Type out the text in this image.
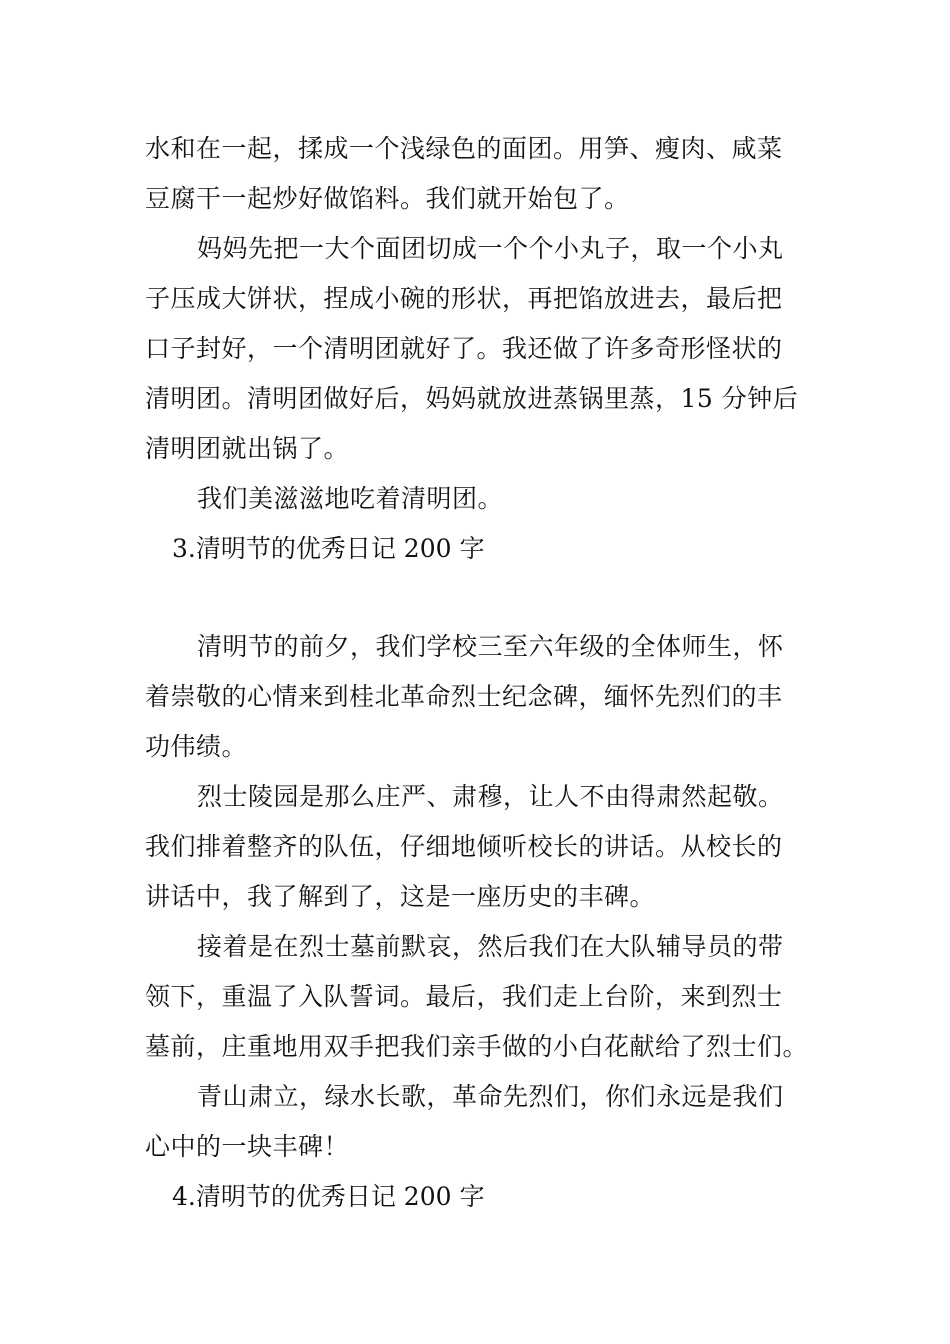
水和在一起，揉成一个浅绿色的面团。用笋、瘦肉、咸菜
豆腐干一起炒好做馅料。我们就开始包了。
妈妈先把一大个面团切成一个个小丸子，取一个小丸
子压成大饼状，捏成小碗的形状，再把馅放进去，最后把
口子封好，一个清明团就好了。我还做了许多奇形怪状的
清明团。清明团做好后，妈妈就放进蒸锅里蒸，15 分钟后
清明团就出锅了。
我们美滋滋地吃着清明团。
3.清明节的优秀日记 200 字
清明节的前夕，我们学校三至六年级的全体师生，怀
着崇敬的心情来到桂北革命烈士纪念碑，缅怀先烈们的丰
功伟绩。
烈士陵园是那么庄严、肃穆，让人不由得肃然起敬。
我们排着整齐的队伍，仔细地倾听校长的讲话。从校长的
讲话中，我了解到了，这是一座历史的丰碑。
接着是在烈士墓前默哀，然后我们在大队辅导员的带
领下，重温了入队誓词。最后，我们走上台阶，来到烈士
墓前，庄重地用双手把我们亲手做的小白花献给了烈士们。
青山肃立，绿水长歌，革命先烈们，你们永远是我们
心中的一块丰碑！
4.清明节的优秀日记 200 字
